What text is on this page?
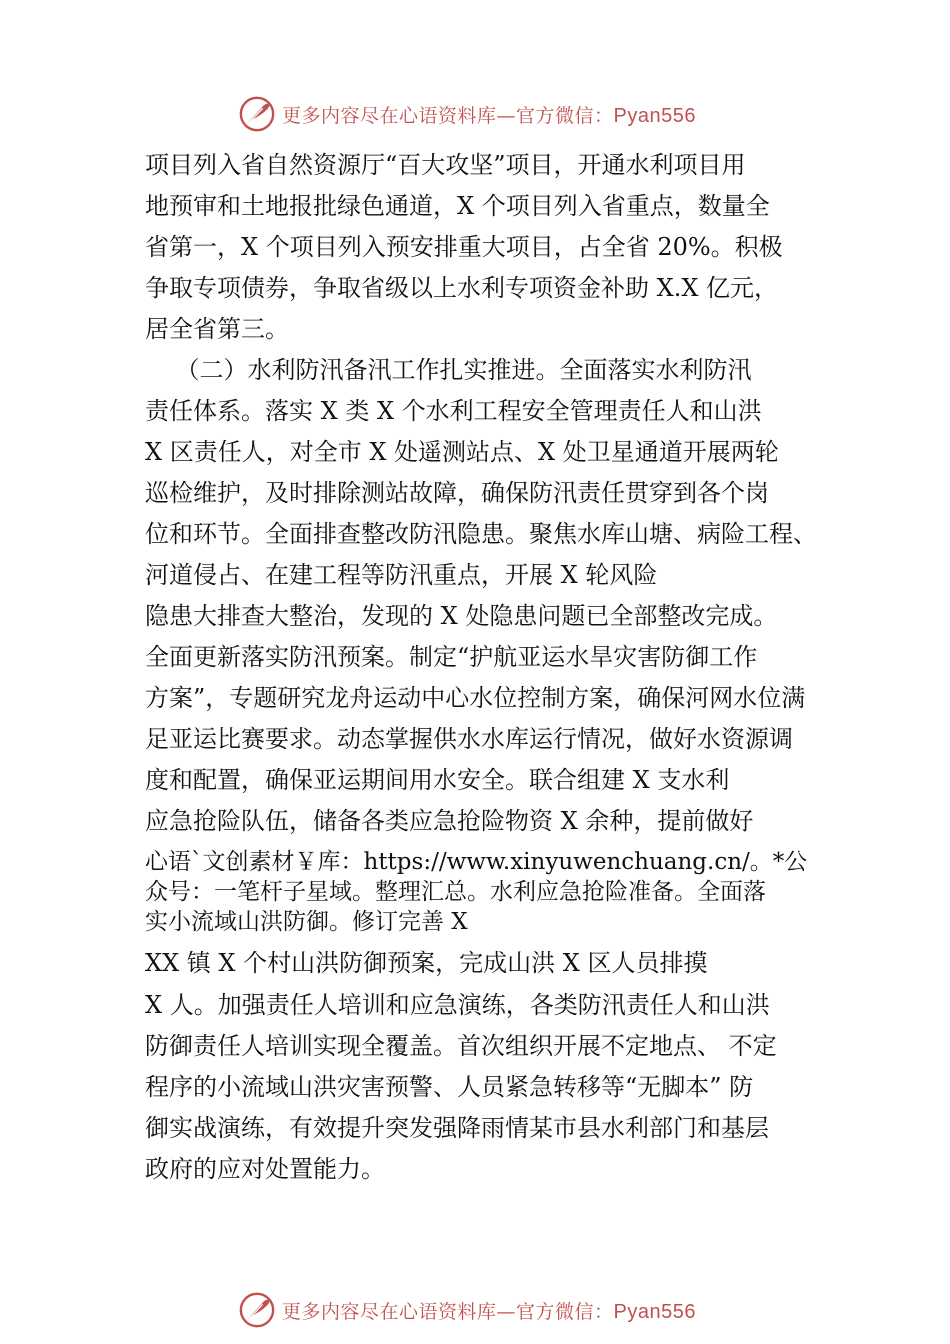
更多内容尽在心语资料库—官方微信：Pyan556
项目列入省自然资源厅“百大攻坚”项目，开通水利项目用
地预审和土地报批绿色通道，X 个项目列入省重点，数量全
省第一，X 个项目列入预安排重大项目，占全省 20%。积极
争取专项债券，争取省级以上水利专项资金补助 X.X 亿元，
居全省第三。
（二）水利防汛备汛工作扎实推进。全面落实水利防汛
责任体系。落实 X 类 X 个水利工程安全管理责任人和山洪
X 区责任人，对全市 X 处遥测站点、X 处卫星通道开展两轮
巡检维护，及时排除测站故障，确保防汛责任贯穿到各个岗
位和环节。全面排查整改防汛隐患。聚焦水库山塘、病险工程、
河道侵占、在建工程等防汛重点，开展 X 轮风险
隐患大排查大整治，发现的 X 处隐患问题已全部整改完成。
全面更新落实防汛预案。制定“护航亚运水旱灾害防御工作
方案”，专题研究龙舟运动中心水位控制方案，确保河网水位满
足亚运比赛要求。动态掌握供水水库运行情况，做好水资源调
度和配置，确保亚运期间用水安全。联合组建 X 支水利
应急抢险队伍，储备各类应急抢险物资 X 余种，提前做好
心语`文创素材￥库：https://www.xinyuwenchuang.cn/。*公
众号：一笔杆子星域。整理汇总。水利应急抢险准备。全面落
实小流域山洪防御。修订完善 X
XX 镇 X 个村山洪防御预案，完成山洪 X 区人员排摸
X 人。加强责任人培训和应急演练，各类防汛责任人和山洪
防御责任人培训实现全覆盖。首次组织开展不定地点、 不定
程序的小流域山洪灾害预警、人员紧急转移等“无脚本” 防
御实战演练，有效提升突发强降雨情某市县水利部门和基层
政府的应对处置能力。
更多内容尽在心语资料库—官方微信：Pyan556
